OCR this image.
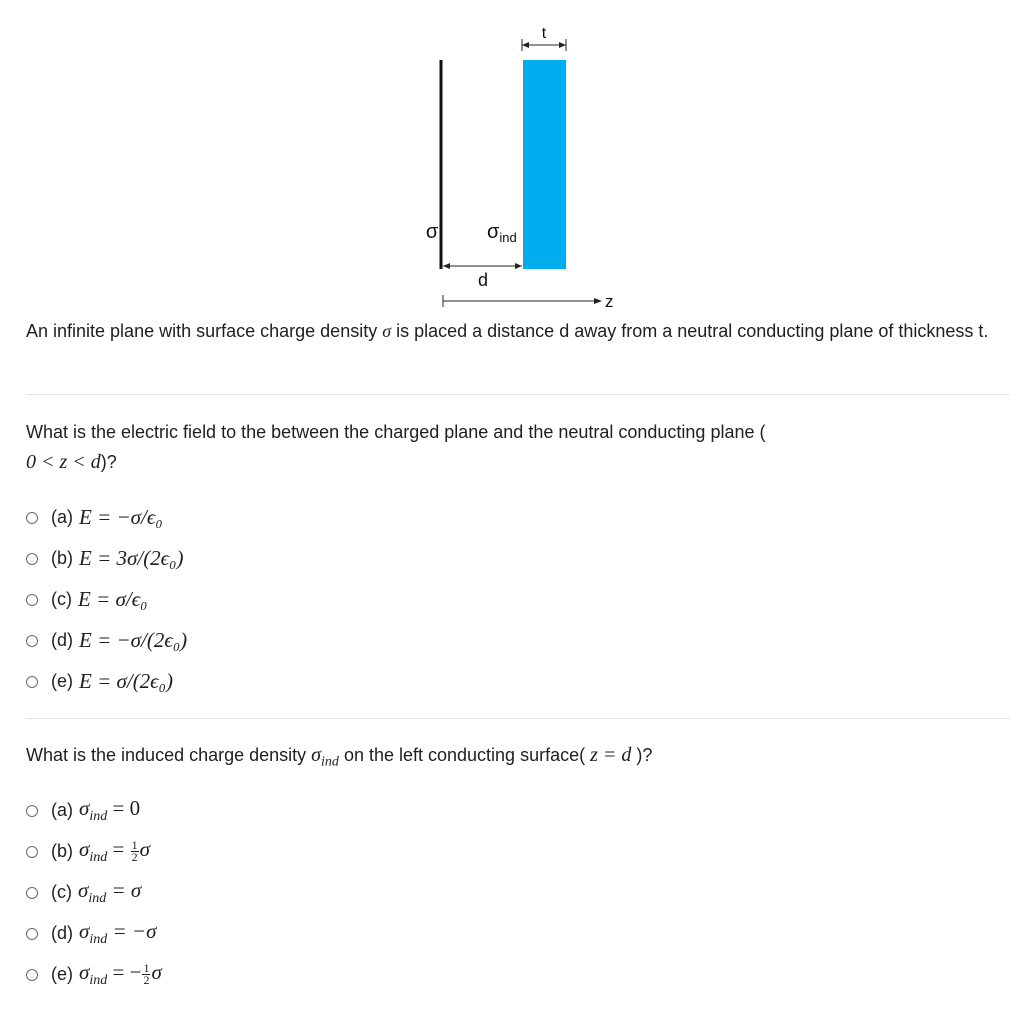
t
σ $\sigma_{ind}$
d
z
An infinite plane with surface charge density σ is placed a distance d away from a neutral conducting plane of thickness t.
What is the electric field to the between the charged plane and the neutral conducting plane (
0 < z < d)?
(a) E = −σ/ϵ₀
(b) E = 3σ/(2ϵ₀)
(c) E = σ/ϵ₀
(d) E = −σ/(2ϵ₀)
(e) E = σ/(2ϵ₀)
What is the induced charge density $\sigma_{ind}$ on the left conducting surface( z = d )?
(a) $\sigma_{ind} = 0$
(b) $\sigma_{ind} = \frac{1}{2}$ σ
(c) $\sigma_{ind} = \sigma$
(d) $\sigma_{ind} = -\sigma$
(e) $\sigma_{ind}$ = − $\frac{1}{2}$ σ
